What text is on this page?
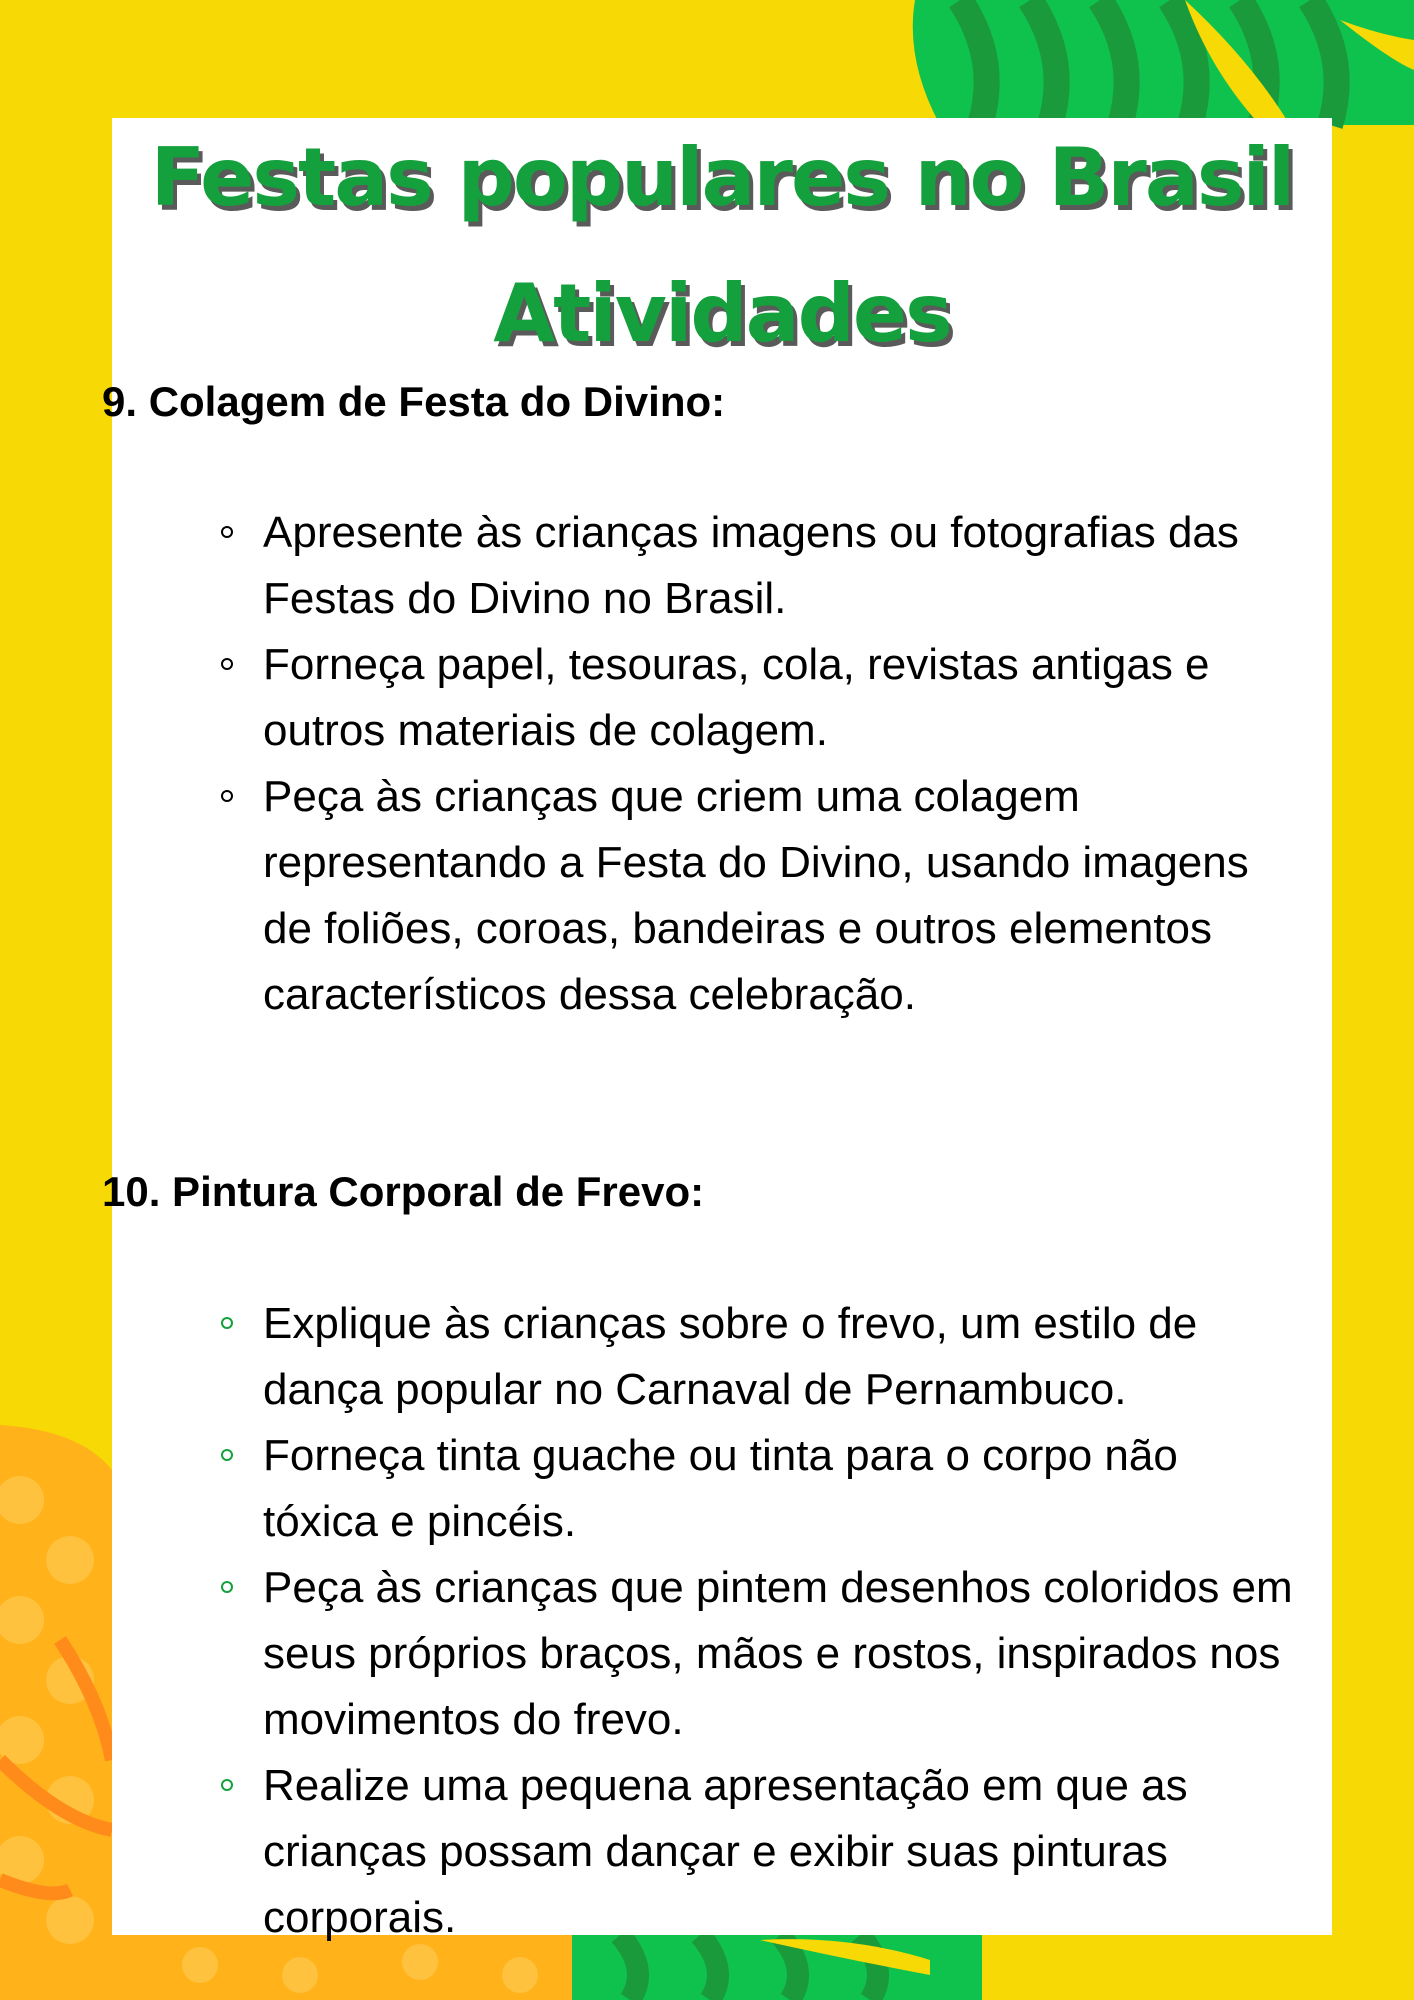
Festas populares no Brasil
Atividades
9. Colagem de Festa do Divino:
Apresente às crianças imagens ou fotografias das Festas do Divino no Brasil.
Forneça papel, tesouras, cola, revistas antigas e outros materiais de colagem.
Peça às crianças que criem uma colagem representando a Festa do Divino, usando imagens de foliões, coroas, bandeiras e outros elementos característicos dessa celebração.
10. Pintura Corporal de Frevo:
Explique às crianças sobre o frevo, um estilo de dança popular no Carnaval de Pernambuco.
Forneça tinta guache ou tinta para o corpo não tóxica e pincéis.
Peça às crianças que pintem desenhos coloridos em seus próprios braços, mãos e rostos, inspirados nos movimentos do frevo.
Realize uma pequena apresentação em que as crianças possam dançar e exibir suas pinturas corporais.
